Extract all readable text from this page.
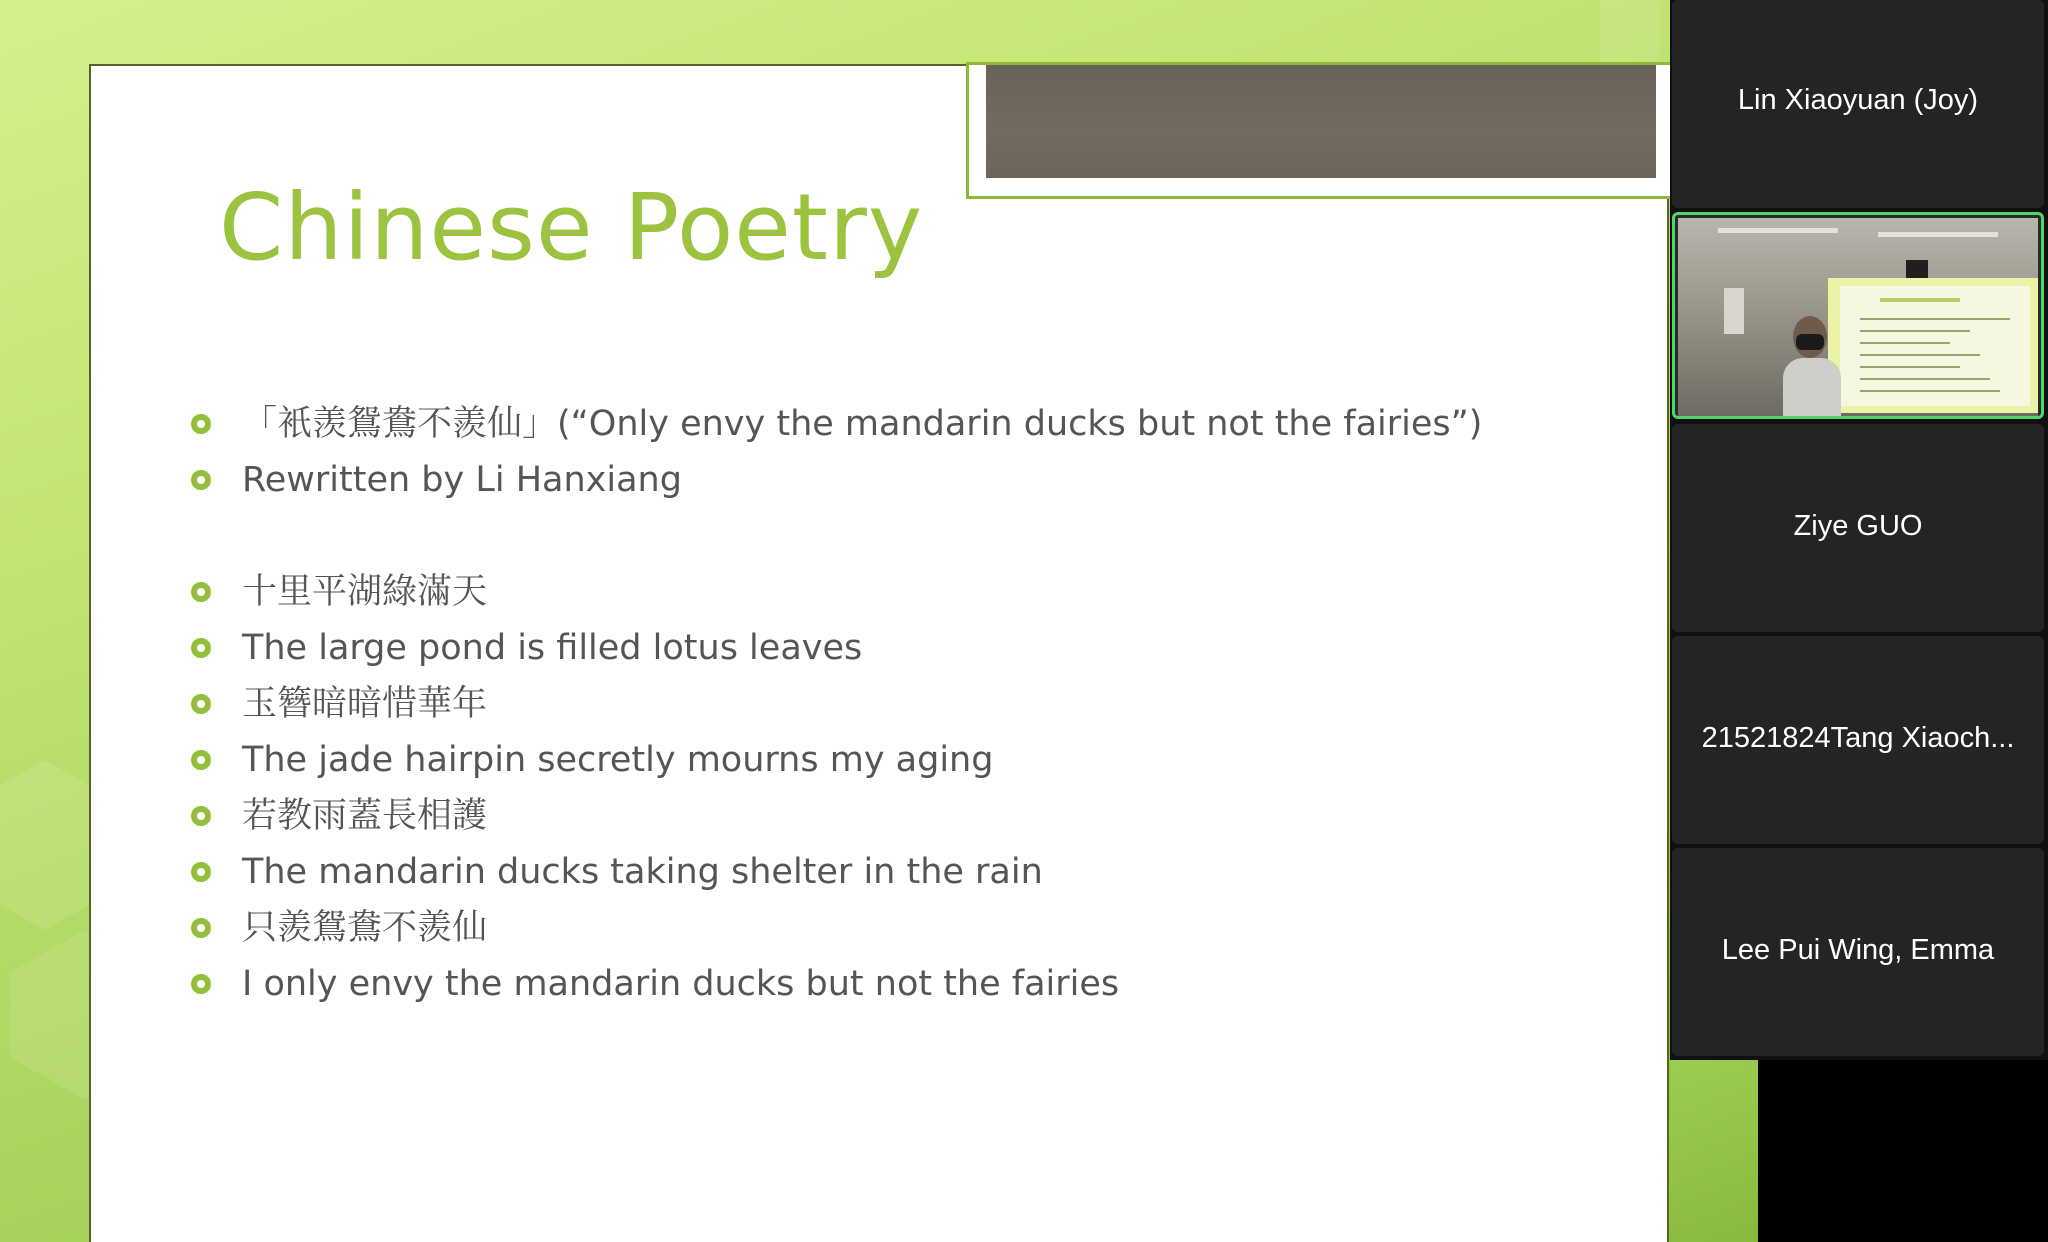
Chinese Poetry
「衹羡鴛鴦不羨仙」(“Only envy the mandarin ducks but not the fairies”)
Rewritten by Li Hanxiang
十里平湖綠滿天
The large pond is filled lotus leaves
玉簪暗暗惜華年
The jade hairpin secretly mourns my aging
若教雨蓋長相護
The mandarin ducks taking shelter in the rain
只羨鴛鴦不羨仙
I only envy the mandarin ducks but not the fairies
Lin Xiaoyuan (Joy)
Ziye GUO
21521824Tang Xiaoch...
Lee Pui Wing, Emma
